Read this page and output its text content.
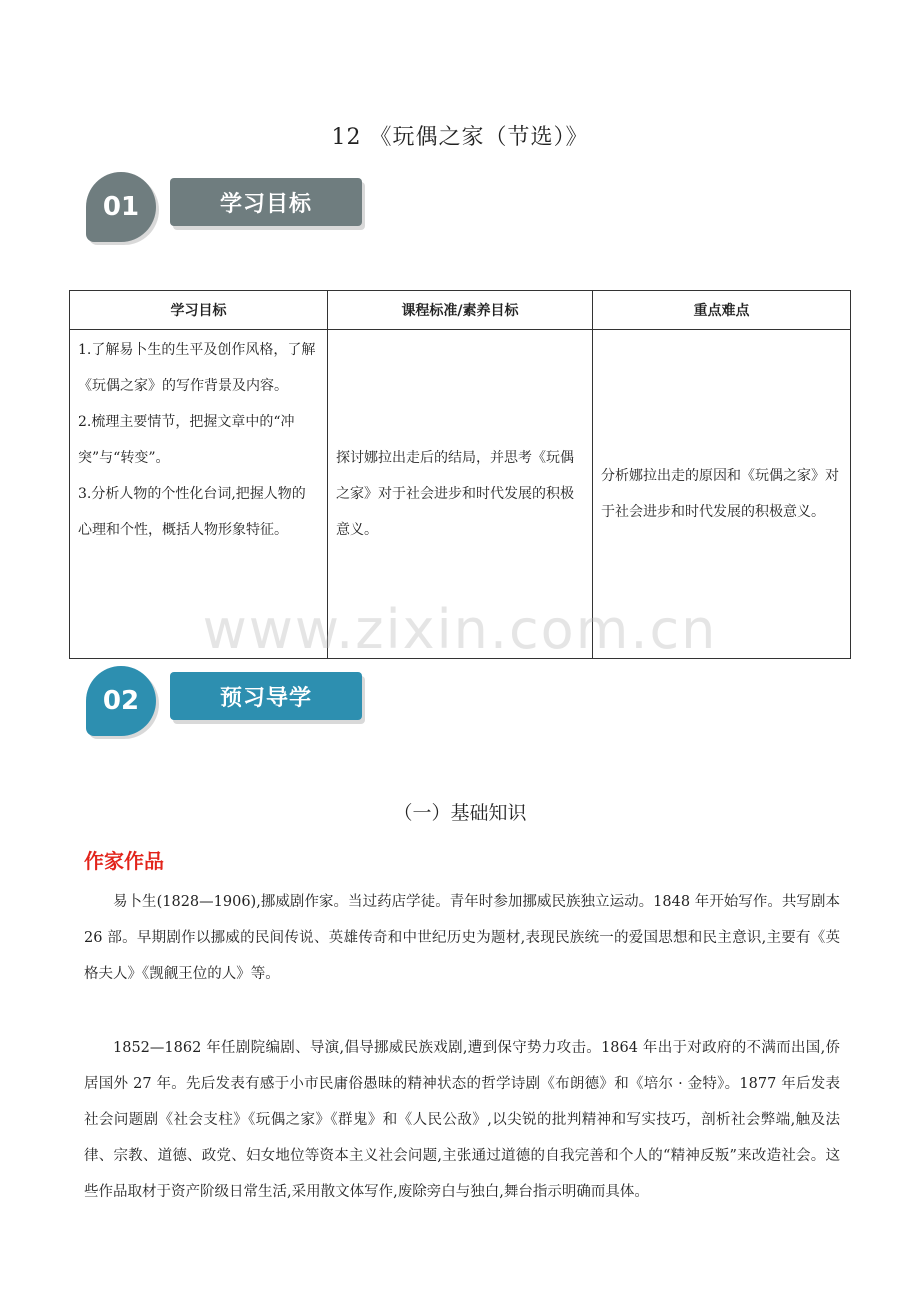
12 《玩偶之家（节选）》
01	学习目标
学习目标	课程标准/素养目标	重点难点

1.了解易卜生的生平及创作风格，了解《玩偶之家》的写作背景及内容。
2.梳理主要情节，把握文章中的“冲突”与“转变”。
3.分析人物的个性化台词,把握人物的心理和个性，概括人物形象特征。	探讨娜拉出走后的结局，并思考《玩偶之家》对于社会进步和时代发展的积极意义。	分析娜拉出走的原因和《玩偶之家》对于社会进步和时代发展的积极意义。
www.zixin.com.cn
02	预习导学
（一）基础知识
作家作品

易卜生(1828—1906),挪威剧作家。当过药店学徒。青年时参加挪威民族独立运动。1848 年开始写作。共写剧本 26 部。早期剧作以挪威的民间传说、英雄传奇和中世纪历史为题材,表现民族统一的爱国思想和民主意识,主要有《英格夫人》《觊觎王位的人》等。

1852—1862 年任剧院编剧、导演,倡导挪威民族戏剧,遭到保守势力攻击。1864 年出于对政府的不满而出国,侨居国外 27 年。先后发表有感于小市民庸俗愚昧的精神状态的哲学诗剧《布朗德》和《培尔 · 金特》。1877 年后发表社会问题剧《社会支柱》《玩偶之家》《群鬼》和《人民公敌》,以尖锐的批判精神和写实技巧，剖析社会弊端,触及法律、宗教、道德、政党、妇女地位等资本主义社会问题,主张通过道德的自我完善和个人的“精神反叛”来改造社会。这些作品取材于资产阶级日常生活,采用散文体写作,废除旁白与独白,舞台指示明确而具体。
